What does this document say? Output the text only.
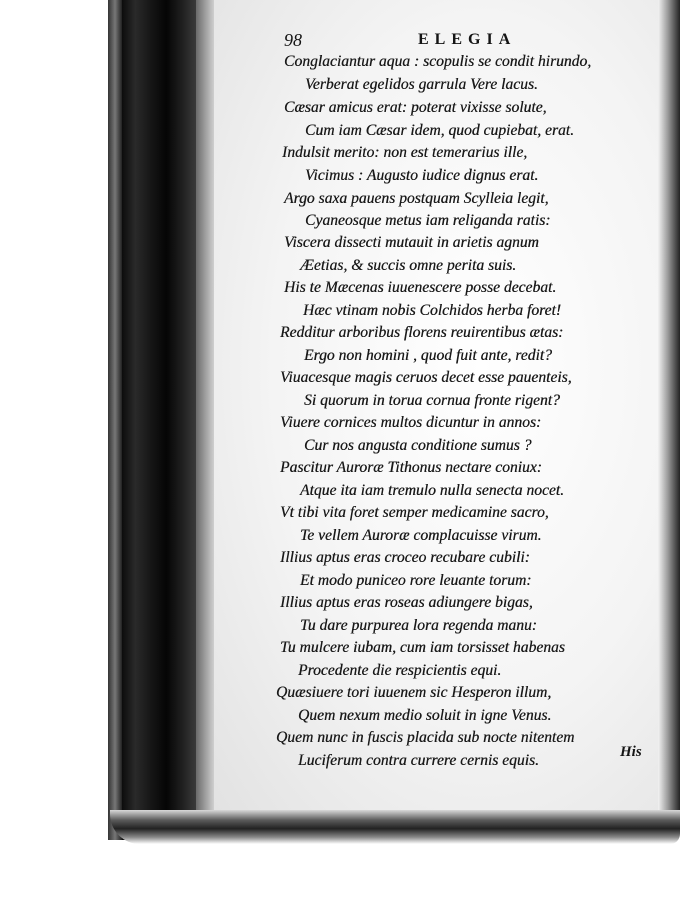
98	ELEGIA
Conglaciantur aqua : scopulis se condit hirundo,
Verberat egelidos garrula Vere lacus.
Cæsar amicus erat: poterat vixisse solute,
Cum iam Cæsar idem, quod cupiebat, erat.
Indulsit merito: non est temerarius ille,
Vicimus : Augusto iudice dignus erat.
Argo saxa pauens postquam Scylleia legit,
Cyaneosque metus iam religanda ratis:
Viscera dissecti mutauit in arietis agnum
Æetias, & succis omne perita suis.
His te Mæcenas iuuenescere posse decebat.
Hæc vtinam nobis Colchidos herba foret!
Redditur arboribus florens reuirentibus ætas:
Ergo non homini , quod fuit ante, redit?
Viuacesque magis ceruos decet esse pauenteis,
Si quorum in torua cornua fronte rigent?
Viuere cornices multos dicuntur in annos:
Cur nos angusta conditione sumus ?
Pascitur Auroræ Tithonus nectare coniux:
Atque ita iam tremulo nulla senecta nocet.
Vt tibi vita foret semper medicamine sacro,
Te vellem Auroræ complacuisse virum.
Illius aptus eras croceo recubare cubili:
Et modo puniceo rore leuante torum:
Illius aptus eras roseas adiungere bigas,
Tu dare purpurea lora regenda manu:
Tu mulcere iubam, cum iam torsisset habenas
Procedente die respicientis equi.
Quæsiuere tori iuuenem sic Hesperon illum,
Quem nexum medio soluit in igne Venus.
Quem nunc in fuscis placida sub nocte nitentem
Luciferum contra currere cernis equis.	His
